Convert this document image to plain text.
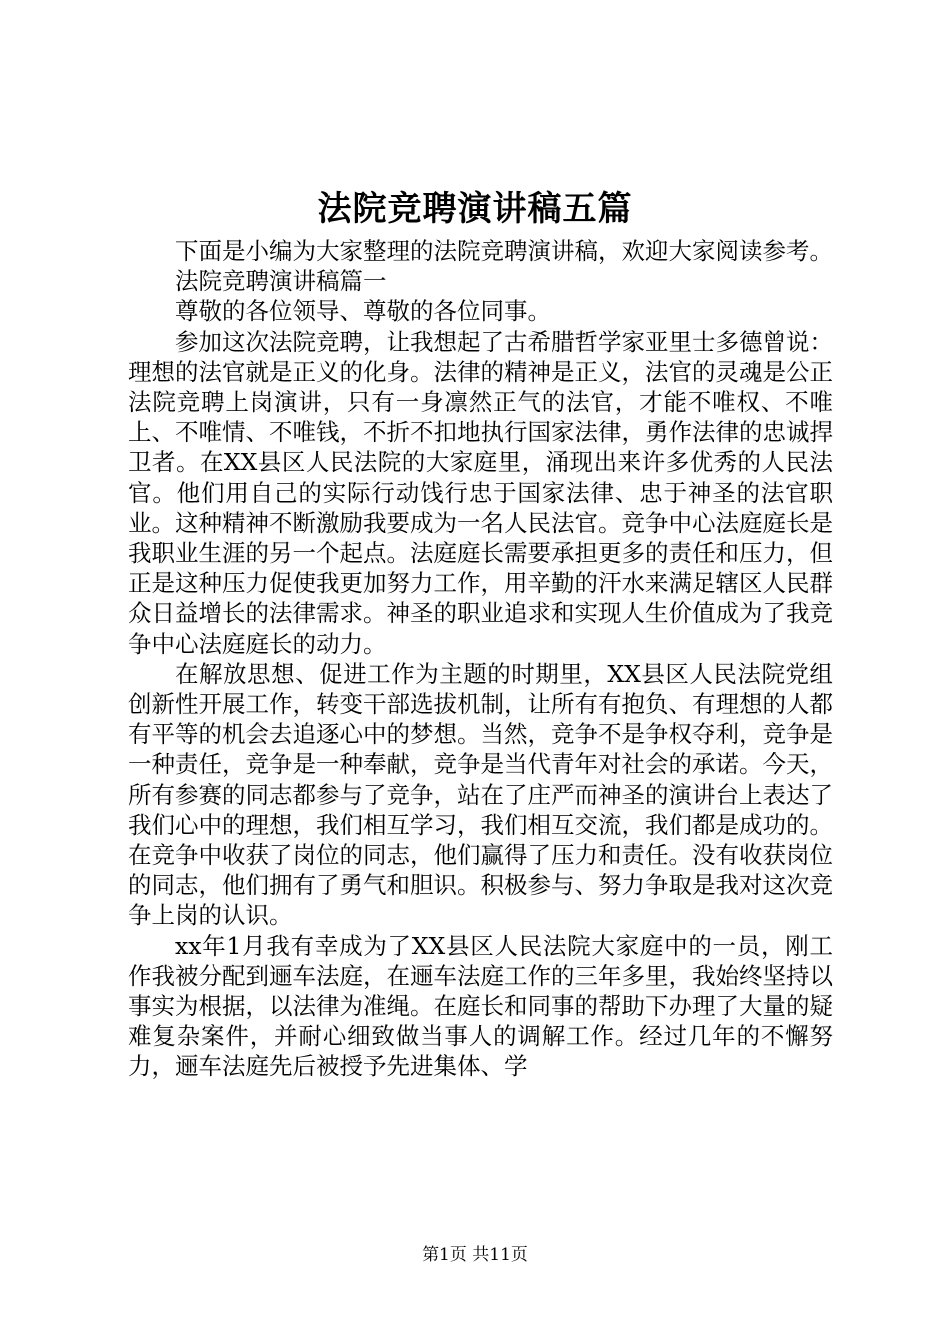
法院竞聘演讲稿五篇

下面是小编为大家整理的法院竞聘演讲稿，欢迎大家阅读参考。

法院竞聘演讲稿篇一

尊敬的各位领导、尊敬的各位同事。

参加这次法院竞聘，让我想起了古希腊哲学家亚里士多德曾说：理想的法官就是正义的化身。法律的精神是正义，法官的灵魂是公正法院竞聘上岗演讲，只有一身凛然正气的法官，才能不唯权、不唯上、不唯情、不唯钱，不折不扣地执行国家法律，勇作法律的忠诚捍卫者。在XX县区人民法院的大家庭里，涌现出来许多优秀的人民法官。他们用自己的实际行动饯行忠于国家法律、忠于神圣的法官职业。这种精神不断激励我要成为一名人民法官。竞争中心法庭庭长是我职业生涯的另一个起点。法庭庭长需要承担更多的责任和压力，但正是这种压力促使我更加努力工作，用辛勤的汗水来满足辖区人民群众日益增长的法律需求。神圣的职业追求和实现人生价值成为了我竞争中心法庭庭长的动力。

在解放思想、促进工作为主题的时期里，XX县区人民法院党组创新性开展工作，转变干部选拔机制，让所有有抱负、有理想的人都有平等的机会去追逐心中的梦想。当然，竞争不是争权夺利，竞争是一种责任，竞争是一种奉献，竞争是当代青年对社会的承诺。今天，所有参赛的同志都参与了竞争，站在了庄严而神圣的演讲台上表达了我们心中的理想，我们相互学习，我们相互交流，我们都是成功的。在竞争中收获了岗位的同志，他们赢得了压力和责任。没有收获岗位的同志，他们拥有了勇气和胆识。积极参与、努力争取是我对这次竞争上岗的认识。

xx年1月我有幸成为了XX县区人民法院大家庭中的一员，刚工作我被分配到逦车法庭，在逦车法庭工作的三年多里，我始终坚持以事实为根据，以法律为准绳。在庭长和同事的帮助下办理了大量的疑难复杂案件，并耐心细致做当事人的调解工作。经过几年的不懈努力，逦车法庭先后被授予先进集体、学

第1页 共11页
